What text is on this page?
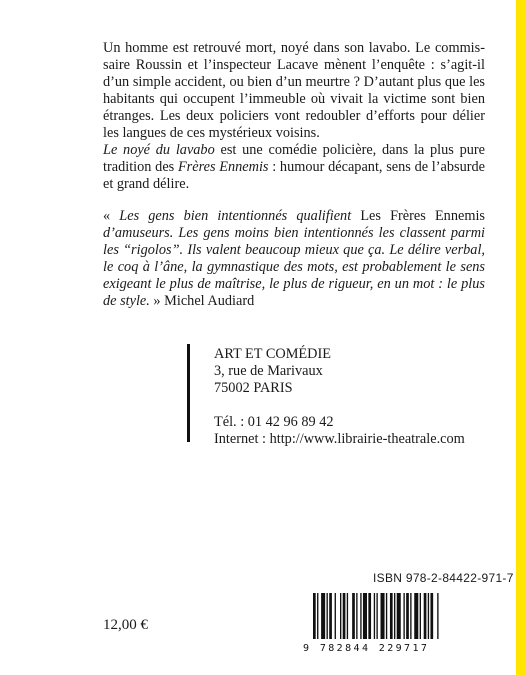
Un homme est retrouvé mort, noyé dans son lavabo. Le commissaire Roussin et l’inspecteur Lacave mènent l’enquête : s’agit-il d’un simple accident, ou bien d’un meurtre ? D’autant plus que les habitants qui occupent l’immeuble où vivait la victime sont bien étranges. Les deux policiers vont redoubler d’efforts pour délier les langues de ces mystérieux voisins.

Le noyé du lavabo est une comédie policière, dans la plus pure tradition des Frères Ennemis : humour décapant, sens de l’absurde et grand délire.

« Les gens bien intentionnés qualifient Les Frères Ennemis d’amuseurs. Les gens moins bien intentionnés les classent parmi les “rigolos”. Ils valent beaucoup mieux que ça. Le délire verbal, le coq à l’âne, la gymnastique des mots, est probablement le sens exigeant le plus de maîtrise, le plus de rigueur, en un mot : le plus de style. » Michel Audiard

ART ET COMÉDIE
3, rue de Marivaux
75002 PARIS
Tél. : 01 42 96 89 42
Internet : http://www.librairie-theatrale.com
ISBN 978-2-84422-971-7
9 782844 229717
12,00 €
